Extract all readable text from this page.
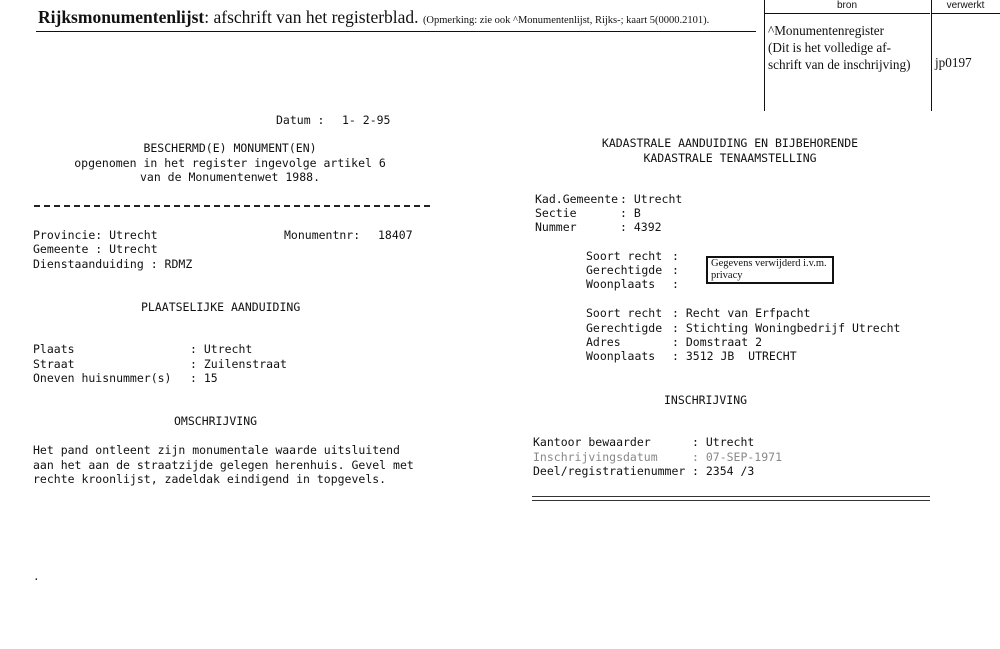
Rijksmonumentenlijst: afschrift van het registerblad. (Opmerking: zie ook ^Monumentenlijst, Rijks-; kaart 5(0000.2101).
bron	verwerkt
^Monumentenregister
(Dit is het volledige af-
schrift van de inschrijving) jp0197
Datum : 1- 2-95
BESCHERMD(E) MONUMENT(EN)
opgenomen in het register ingevolge artikel 6
van de Monumentenwet 1988.
Provincie: Utrecht
Gemeente : Utrecht
Dienstaanduiding : RDMZ
Monumentnr: 18407
PLAATSELIJKE AANDUIDING
Plaats	: Utrecht
Straat	: Zuilenstraat
Oneven huisnummer(s) : 15
OMSCHRIJVING
Het pand ontleent zijn monumentale waarde uitsluitend
aan het aan de straatzijde gelegen herenhuis. Gevel met
rechte kroonlijst, zadeldak eindigend in topgevels.
.
KADASTRALE AANDUIDING EN BIJBEHORENDE
KADASTRALE TENAAMSTELLING
Kad.Gemeente : Utrecht
Sectie	: B
Nummer	: 4392
Soort recht :
Gerechtigde :
Woonplaats :
Gegevens verwijderd i.v.m. privacy
Soort recht : Recht van Erfpacht
Gerechtigde : Stichting Woningbedrijf Utrecht
Adres	: Domstraat 2
Woonplaats : 3512 JB  UTRECHT
INSCHRIJVING
Kantoor bewaarder	: Utrecht
Inschrijvingsdatum	: 07-SEP-1971
Deel/registratienummer : 2354 /3
